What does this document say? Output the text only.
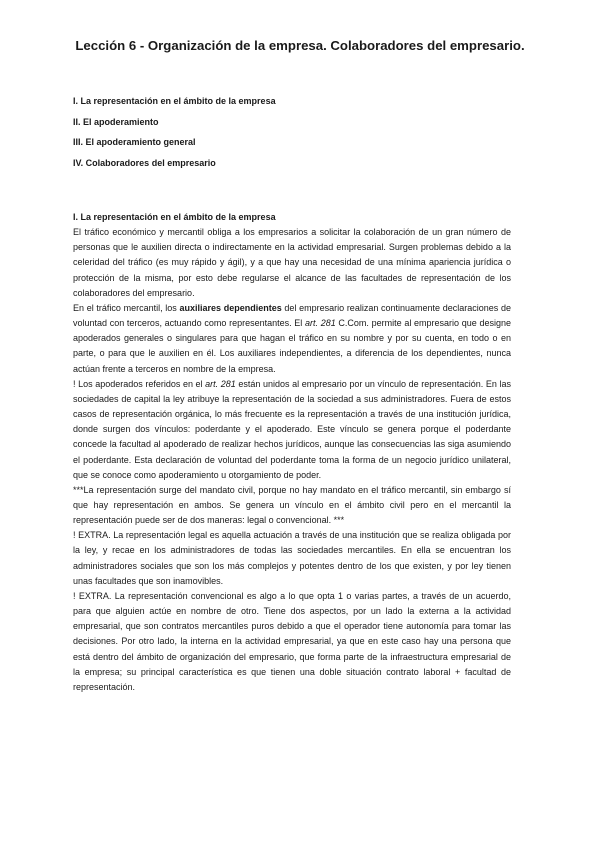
Lección 6 - Organización de la empresa. Colaboradores del empresario.
I. La representación en el ámbito de la empresa
II. El apoderamiento
III. El apoderamiento general
IV. Colaboradores del empresario

I. La representación en el ámbito de la empresa

El tráfico económico y mercantil obliga a los empresarios a solicitar la colaboración de un gran número de personas que le auxilien directa o indirectamente en la actividad empresarial. Surgen problemas debido a la celeridad del tráfico (es muy rápido y ágil), y a que hay una necesidad de una mínima apariencia jurídica o protección de la misma, por esto debe regularse el alcance de las facultades de representación de los colaboradores del empresario.

En el tráfico mercantil, los auxiliares dependientes del empresario realizan continuamente declaraciones de voluntad con terceros, actuando como representantes. El art. 281 C.Com. permite al empresario que designe apoderados generales o singulares para que hagan el tráfico en su nombre y por su cuenta, en todo o en parte, o para que le auxilien en él. Los auxiliares independientes, a diferencia de los dependientes, nunca actúan frente a terceros en nombre de la empresa.

! Los apoderados referidos en el art. 281 están unidos al empresario por un vínculo de representación. En las sociedades de capital la ley atribuye la representación de la sociedad a sus administradores. Fuera de estos casos de representación orgánica, lo más frecuente es la representación a través de una institución jurídica, donde surgen dos vínculos: poderdante y el apoderado. Este vínculo se genera porque el poderdante concede la facultad al apoderado de realizar hechos jurídicos, aunque las consecuencias las siga asumiendo el poderdante. Esta declaración de voluntad del poderdante toma la forma de un negocio jurídico unilateral, que se conoce como apoderamiento u otorgamiento de poder.

***La representación surge del mandato civil, porque no hay mandato en el tráfico mercantil, sin embargo sí que hay representación en ambos. Se genera un vínculo en el ámbito civil pero en el mercantil la representación puede ser de dos maneras: legal o convencional. ***

! EXTRA. La representación legal es aquella actuación a través de una institución que se realiza obligada por la ley, y recae en los administradores de todas las sociedades mercantiles. En ella se encuentran los administradores sociales que son los más complejos y potentes dentro de los que existen, y por ley tienen unas facultades que son inamovibles.

! EXTRA. La representación convencional es algo a lo que opta 1 o varias partes, a través de un acuerdo, para que alguien actúe en nombre de otro. Tiene dos aspectos, por un lado la externa a la actividad empresarial, que son contratos mercantiles puros debido a que el operador tiene autonomía para tomar las decisiones. Por otro lado, la interna en la actividad empresarial, ya que en este caso hay una persona que está dentro del ámbito de organización del empresario, que forma parte de la infraestructura empresarial de la empresa; su principal característica es que tienen una doble situación contrato laboral + facultad de representación.
